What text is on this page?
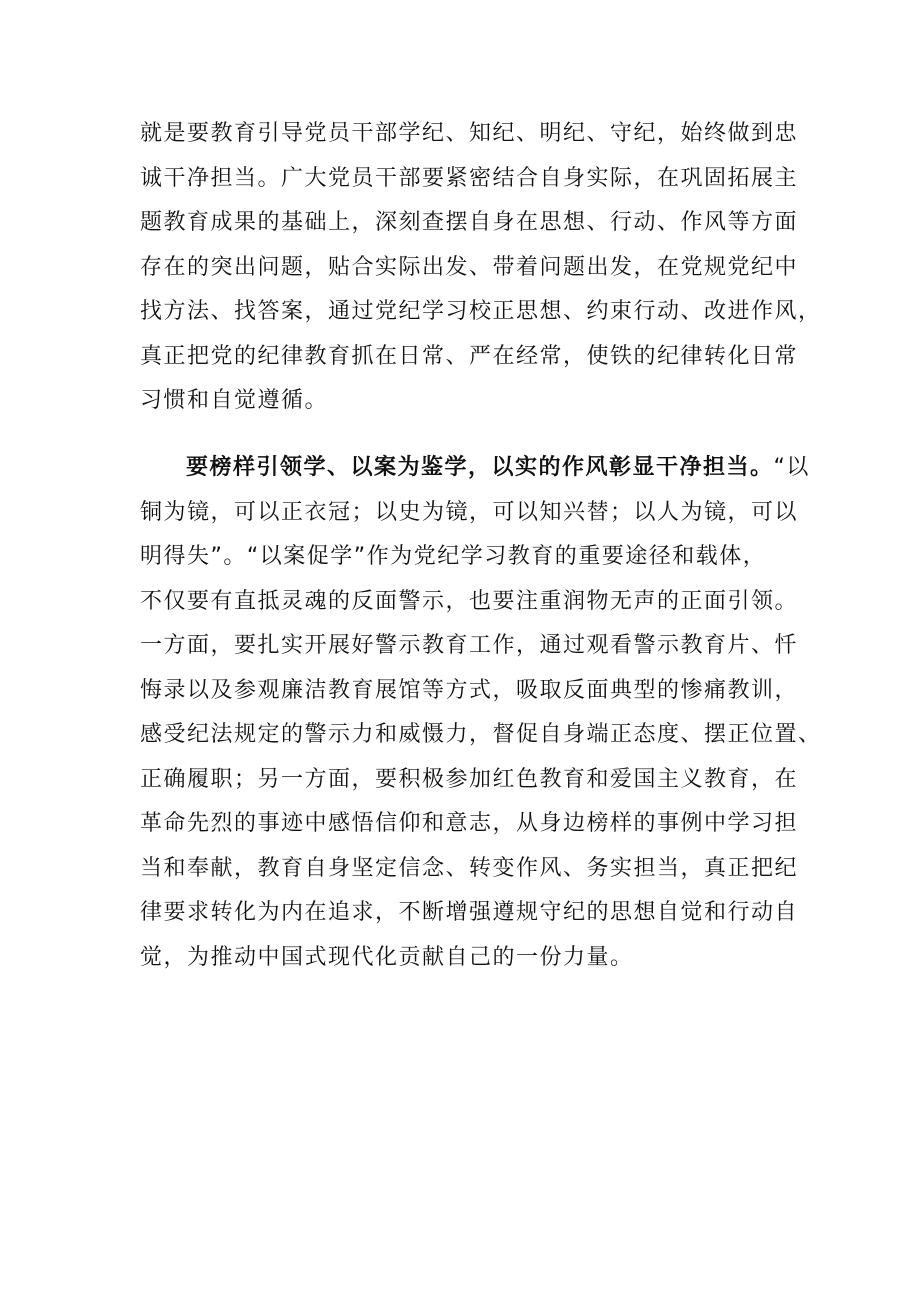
就是要教育引导党员干部学纪、知纪、明纪、守纪，始终做到忠
诚干净担当。广大党员干部要紧密结合自身实际，在巩固拓展主
题教育成果的基础上，深刻查摆自身在思想、行动、作风等方面
存在的突出问题，贴合实际出发、带着问题出发，在党规党纪中
找方法、找答案，通过党纪学习校正思想、约束行动、改进作风，
真正把党的纪律教育抓在日常、严在经常，使铁的纪律转化日常
习惯和自觉遵循。
要榜样引领学、以案为鉴学，以实的作风彰显干净担当。“以
铜为镜，可以正衣冠；以史为镜，可以知兴替；以人为镜，可以
明得失”。“以案促学”作为党纪学习教育的重要途径和载体，
不仅要有直抵灵魂的反面警示，也要注重润物无声的正面引领。
一方面，要扎实开展好警示教育工作，通过观看警示教育片、忏
悔录以及参观廉洁教育展馆等方式，吸取反面典型的惨痛教训，
感受纪法规定的警示力和威慑力，督促自身端正态度、摆正位置、
正确履职；另一方面，要积极参加红色教育和爱国主义教育，在
革命先烈的事迹中感悟信仰和意志，从身边榜样的事例中学习担
当和奉献，教育自身坚定信念、转变作风、务实担当，真正把纪
律要求转化为内在追求，不断增强遵规守纪的思想自觉和行动自
觉，为推动中国式现代化贡献自己的一份力量。
